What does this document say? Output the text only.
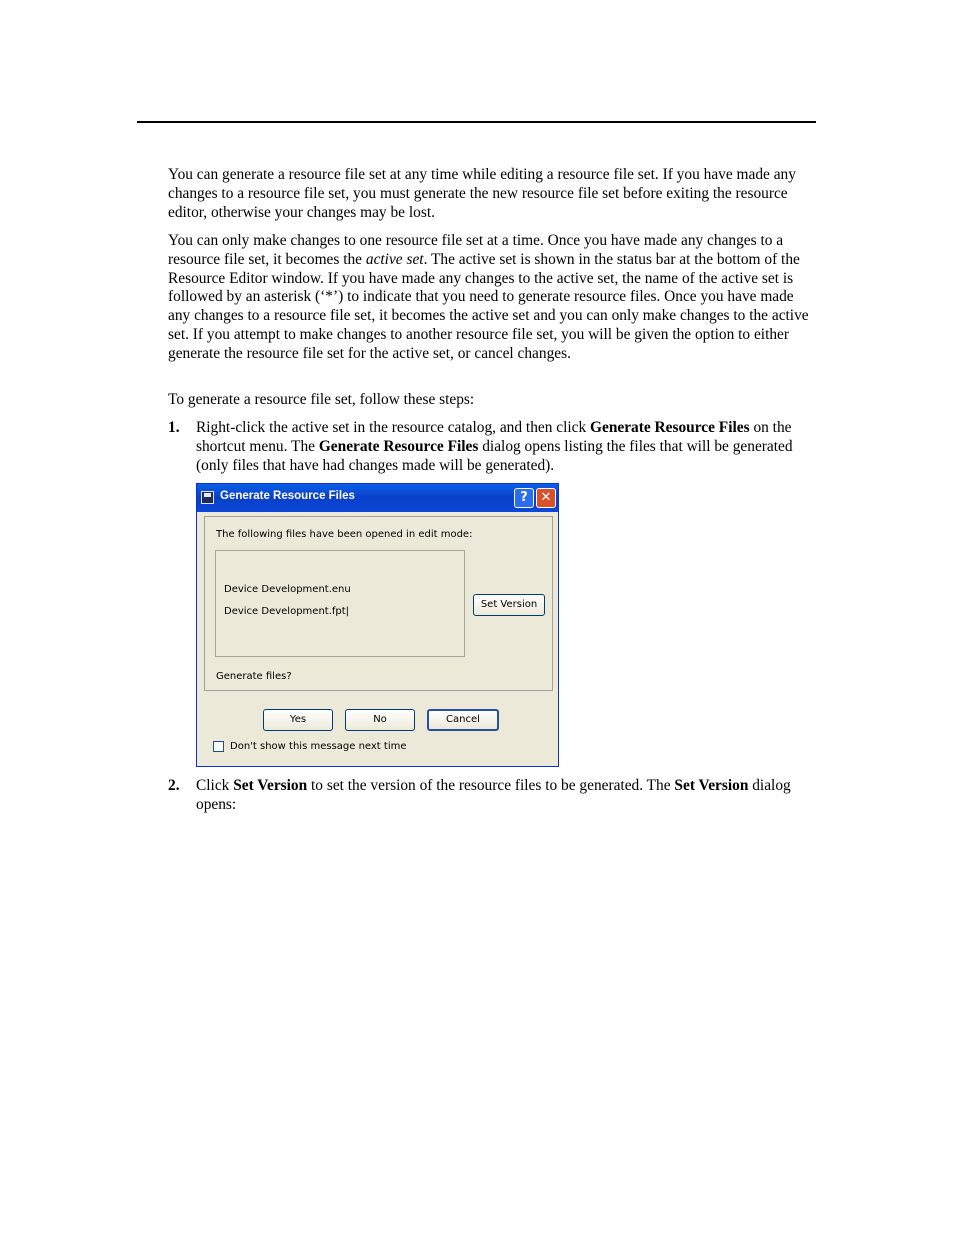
You can generate a resource file set at any time while editing a resource file set. If you have made any changes to a resource file set, you must generate the new resource file set before exiting the resource editor, otherwise your changes may be lost.

You can only make changes to one resource file set at a time. Once you have made any changes to a resource file set, it becomes the active set. The active set is shown in the status bar at the bottom of the Resource Editor window. If you have made any changes to the active set, the name of the active set is followed by an asterisk (‘*’) to indicate that you need to generate resource files. Once you have made any changes to a resource file set, it becomes the active set and you can only make changes to the active set. If you attempt to make changes to another resource file set, you will be given the option to either generate the resource file set for the active set, or cancel changes.

To generate a resource file set, follow these steps:

1. Right-click the active set in the resource catalog, and then click Generate Resource Files on the shortcut menu. The Generate Resource Files dialog opens listing the files that will be generated (only files that have had changes made will be generated).
Generate Resource Files	? ✕
The following files have been opened in edit mode:
Device Development.enu
Device Development.fpt|
Set Version
Generate files?
Yes	No	Cancel
Don't show this message next time
2. Click Set Version to set the version of the resource files to be generated. The Set Version dialog opens:
